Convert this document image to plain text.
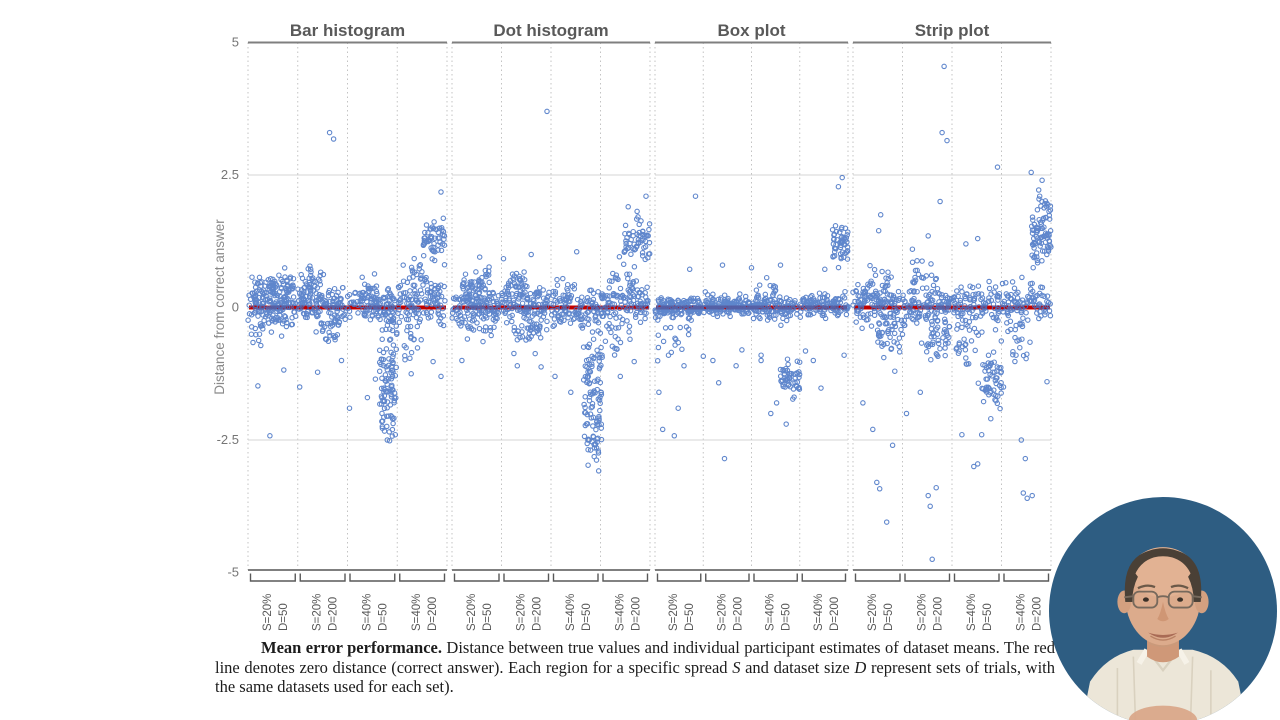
5
2.5
0
-2.5
-5
Distance from correct answer
Bar histogram
S=20% D=50 S=20% D=200 S=40% D=50 S=40% D=200
Dot histogram
S=20% D=50 S=20% D=200 S=40% D=50 S=40% D=200
Box plot
S=20% D=50 S=20% D=200 S=40% D=50 S=40% D=200
Strip plot
S=20% D=50 S=20% D=200 S=40% D=50 S=40% D=200
Mean error performance. Distance between true values and individual participant estimates of dataset means. The red line denotes zero distance (correct answer). Each region for a specific spread S and dataset size D represent sets of trials, with the same datasets used for each set).
